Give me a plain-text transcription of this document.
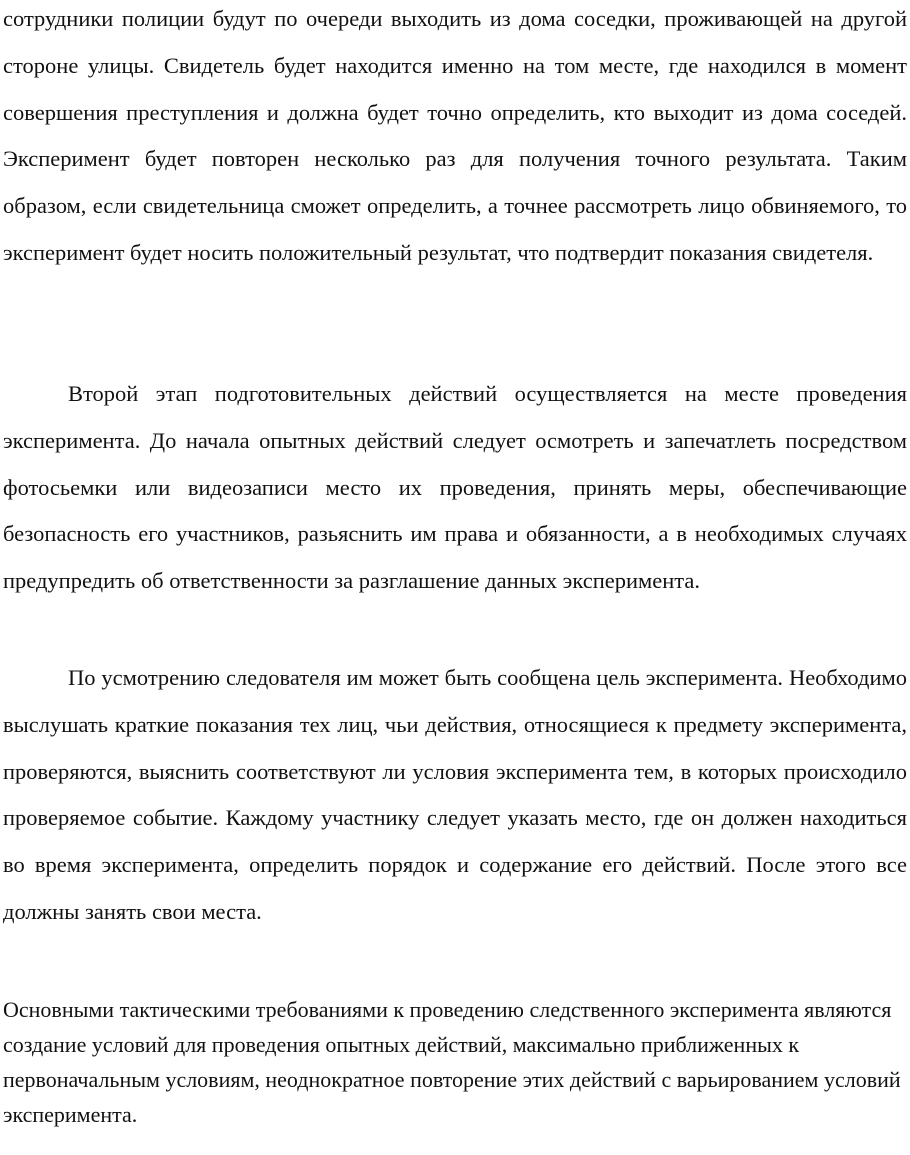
сотрудники полиции будут по очереди выходить из дома соседки, проживающей на другой стороне улицы. Свидетель будет находится именно на том месте, где находился в момент совершения преступления и должна будет точно определить, кто выходит из дома соседей. Эксперимент будет повторен несколько раз для получения точного результата. Таким образом, если свидетельница сможет определить, а точнее рассмотреть лицо обвиняемого, то эксперимент будет носить положительный результат, что подтвердит показания свидетеля.

Второй этап подготовительных действий осуществляется на месте проведения эксперимента. До начала опытных действий следует осмотреть и запечатлеть посредством фотосьемки или видеозаписи место их проведения, принять меры, обеспечивающие безопасность его участников, разьяснить им права и обязанности, а в необходимых случаях предупредить об ответственности за разглашение данных эксперимента.

По усмотрению следователя им может быть сообщена цель эксперимента. Необходимо выслушать краткие показания тех лиц, чьи действия, относящиеся к предмету эксперимента, проверяются, выяснить соответствуют ли условия эксперимента тем, в которых происходило проверяемое событие. Каждому участнику следует указать место, где он должен находиться во время эксперимента, определить порядок и содержание его действий. После этого все должны занять свои места.

Основными тактическими требованиями к проведению следственного эксперимента являются создание условий для проведения опытных действий, максимально приближенных к первоначальным условиям, неоднократное повторение этих действий с варьированием условий эксперимента.
